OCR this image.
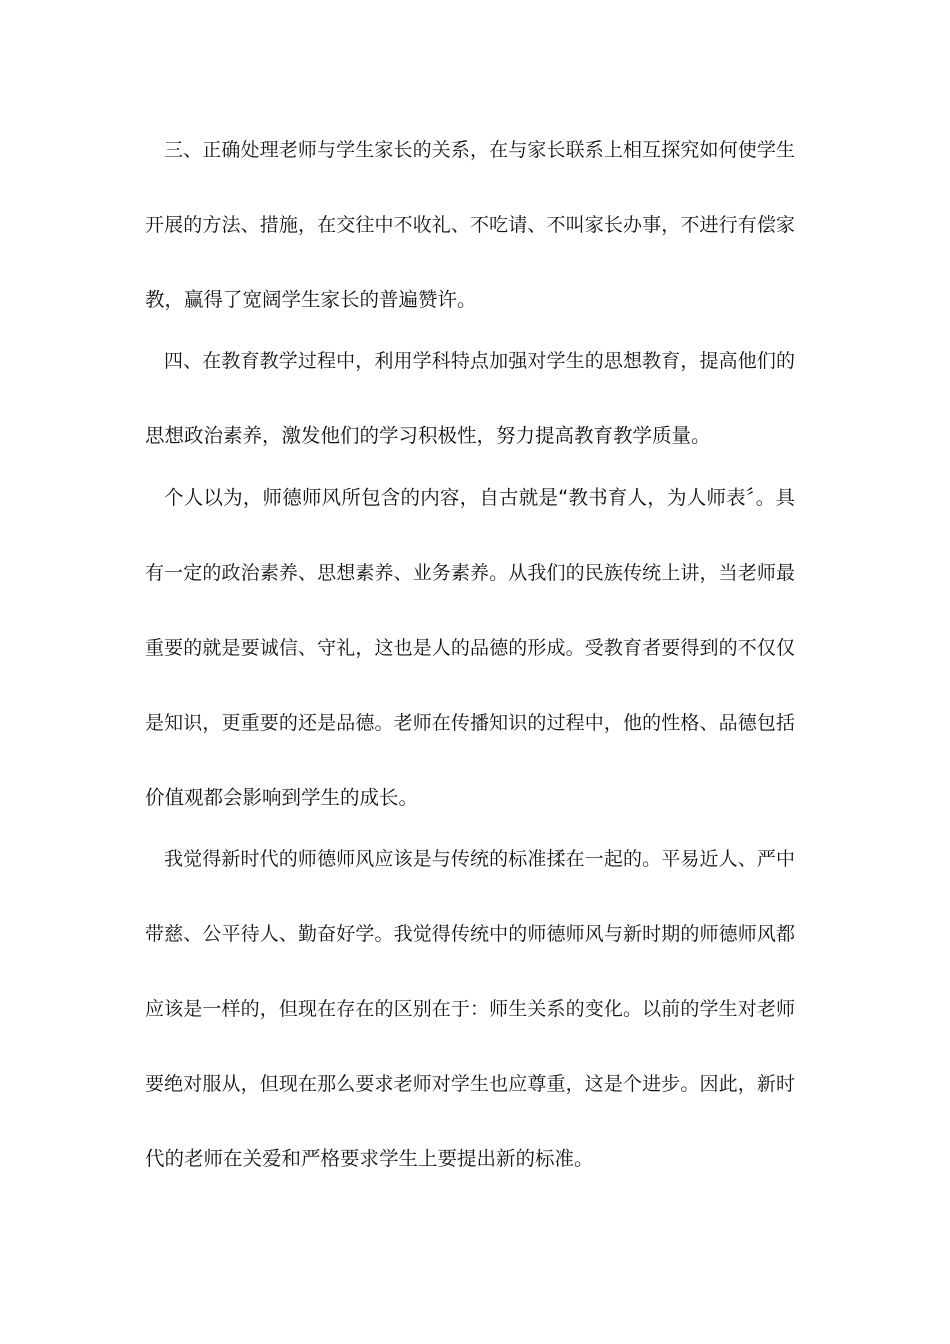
三、正确处理老师与学生家长的关系，在与家长联系上相互探究如何使学生
开展的方法、措施，在交往中不收礼、不吃请、不叫家长办事，不进行有偿家
教，赢得了宽阔学生家长的普遍赞许。
四、在教育教学过程中，利用学科特点加强对学生的思想教育，提高他们的
思想政治素养，激发他们的学习积极性，努力提高教育教学质量。
个人以为，师德师风所包含的内容，自古就是“教书育人，为人师表〞。具
有一定的政治素养、思想素养、业务素养。从我们的民族传统上讲，当老师最
重要的就是要诚信、守礼，这也是人的品德的形成。受教育者要得到的不仅仅
是知识，更重要的还是品德。老师在传播知识的过程中，他的性格、品德包括
价值观都会影响到学生的成长。
我觉得新时代的师德师风应该是与传统的标准揉在一起的。平易近人、严中
带慈、公平待人、勤奋好学。我觉得传统中的师德师风与新时期的师德师风都
应该是一样的，但现在存在的区别在于：师生关系的变化。以前的学生对老师
要绝对服从，但现在那么要求老师对学生也应尊重，这是个进步。因此，新时
代的老师在关爱和严格要求学生上要提出新的标准。
